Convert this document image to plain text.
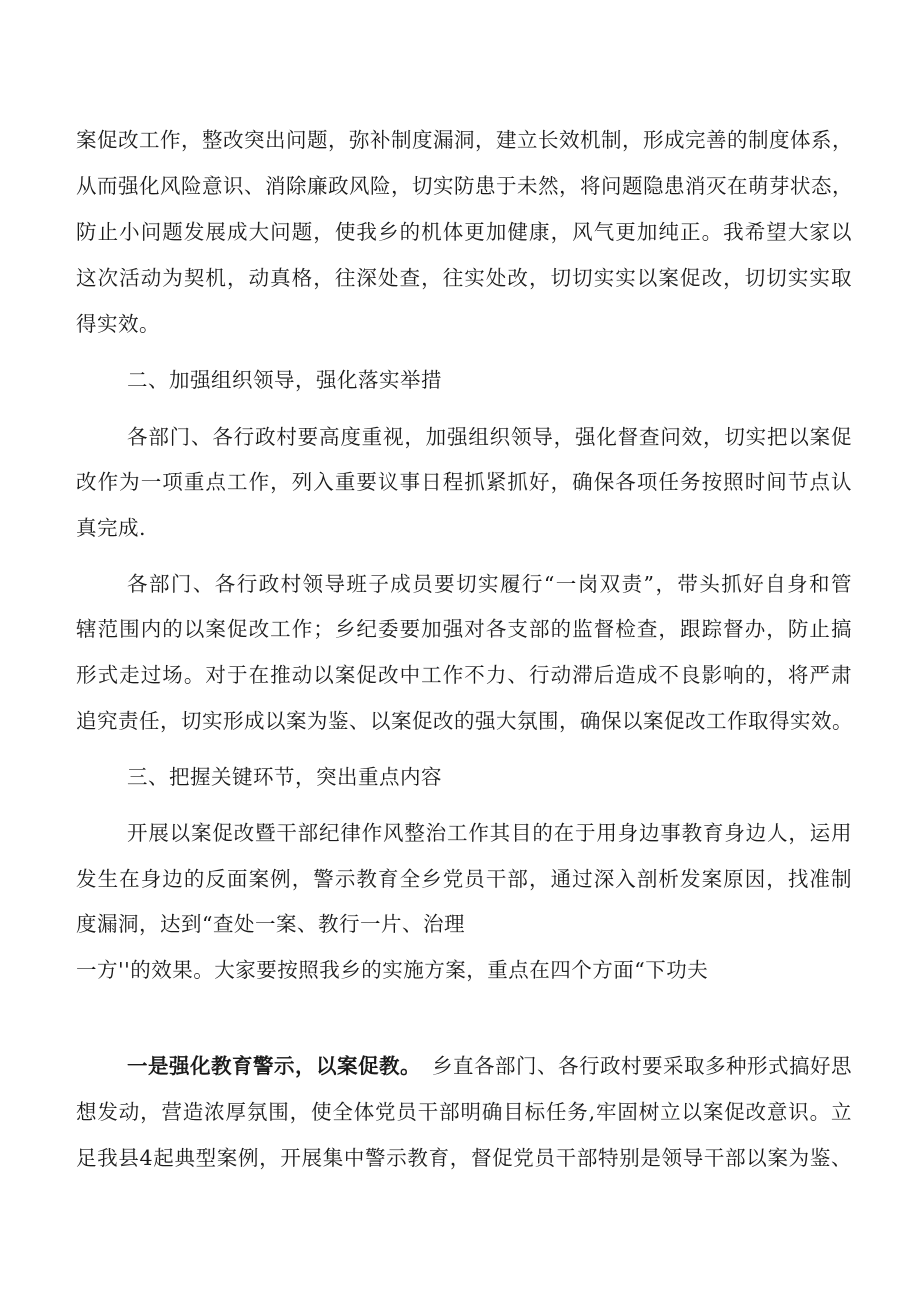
案促改工作，整改突出问题，弥补制度漏洞，建立长效机制，形成完善的制度体系，
从而强化风险意识、消除廉政风险，切实防患于未然，将问题隐患消灭在萌芽状态，
防止小问题发展成大问题，使我乡的机体更加健康，风气更加纯正。我希望大家以
这次活动为契机，动真格，往深处查，往实处改，切切实实以案促改，切切实实取
得实效。
二、加强组织领导，强化落实举措
各部门、各行政村要高度重视，加强组织领导，强化督查问效，切实把以案促
改作为一项重点工作，列入重要议事日程抓紧抓好，确保各项任务按照时间节点认
真完成.
各部门、各行政村领导班子成员要切实履行“一岗双责”，带头抓好自身和管
辖范围内的以案促改工作；乡纪委要加强对各支部的监督检查，跟踪督办，防止搞
形式走过场。对于在推动以案促改中工作不力、行动滞后造成不良影响的，将严肃
追究责任，切实形成以案为鉴、以案促改的强大氛围，确保以案促改工作取得实效。
三、把握关键环节，突出重点内容
开展以案促改暨干部纪律作风整治工作其目的在于用身边事教育身边人，运用
发生在身边的反面案例，警示教育全乡党员干部，通过深入剖析发案原因，找准制
度漏洞，达到“查处一案、教行一片、治理
一方''的效果。大家要按照我乡的实施方案，重点在四个方面“下功夫
一是强化教育警示，以案促教。 乡直各部门、各行政村要采取多种形式搞好思
想发动，营造浓厚氛围，使全体党员干部明确目标任务,牢固树立以案促改意识。立
足我县4起典型案例，开展集中警示教育，督促党员干部特别是领导干部以案为鉴、
